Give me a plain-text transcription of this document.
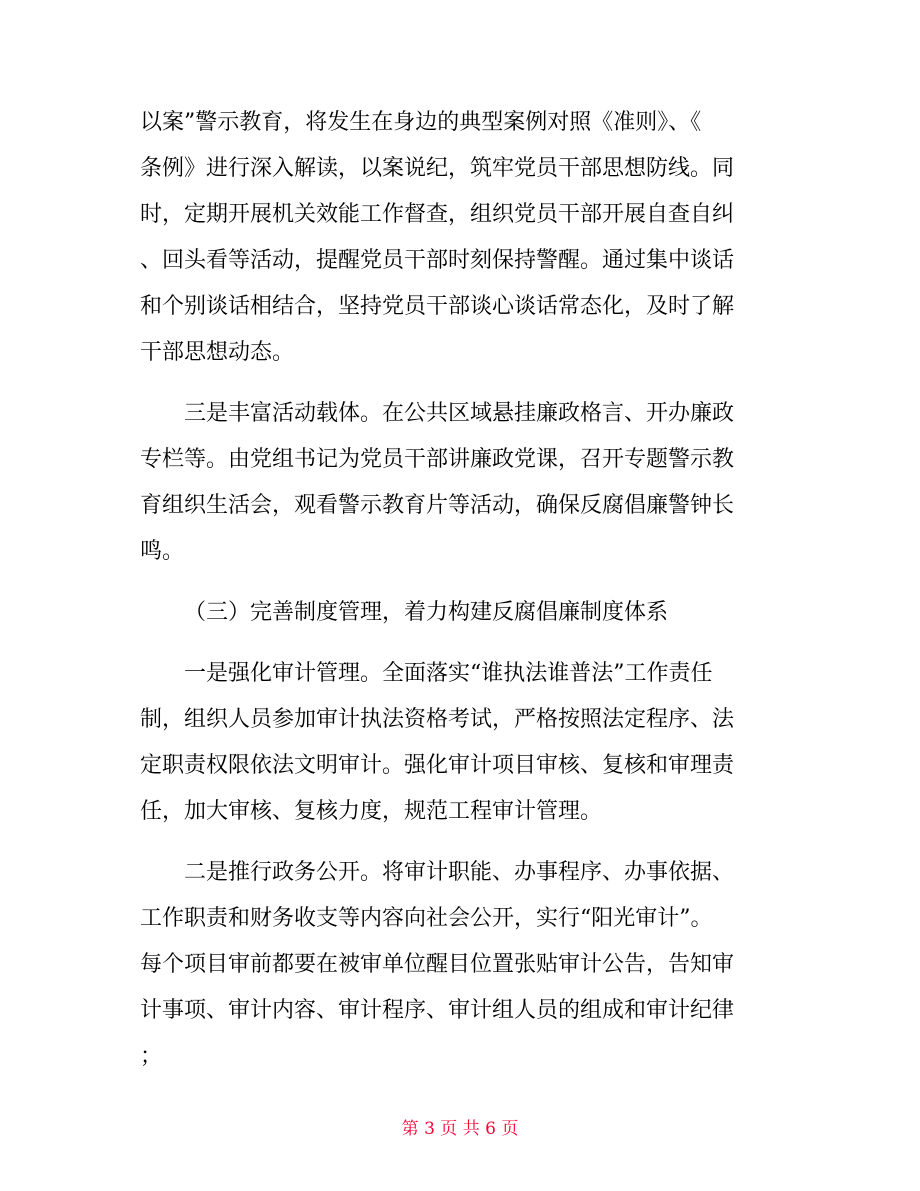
以案”警示教育，将发生在身边的典型案例对照《准则》、《
条例》进行深入解读，以案说纪，筑牢党员干部思想防线。同
时，定期开展机关效能工作督查，组织党员干部开展自查自纠
、回头看等活动，提醒党员干部时刻保持警醒。通过集中谈话
和个别谈话相结合，坚持党员干部谈心谈话常态化，及时了解
干部思想动态。
三是丰富活动载体。在公共区域悬挂廉政格言、开办廉政
专栏等。由党组书记为党员干部讲廉政党课，召开专题警示教
育组织生活会，观看警示教育片等活动，确保反腐倡廉警钟长
鸣。
（三）完善制度管理，着力构建反腐倡廉制度体系
一是强化审计管理。全面落实“谁执法谁普法”工作责任
制，组织人员参加审计执法资格考试，严格按照法定程序、法
定职责权限依法文明审计。强化审计项目审核、复核和审理责
任，加大审核、复核力度，规范工程审计管理。
二是推行政务公开。将审计职能、办事程序、办事依据、
工作职责和财务收支等内容向社会公开，实行“阳光审计”。
每个项目审前都要在被审单位醒目位置张贴审计公告，告知审
计事项、审计内容、审计程序、审计组人员的组成和审计纪律
；
第 3 页 共 6 页
